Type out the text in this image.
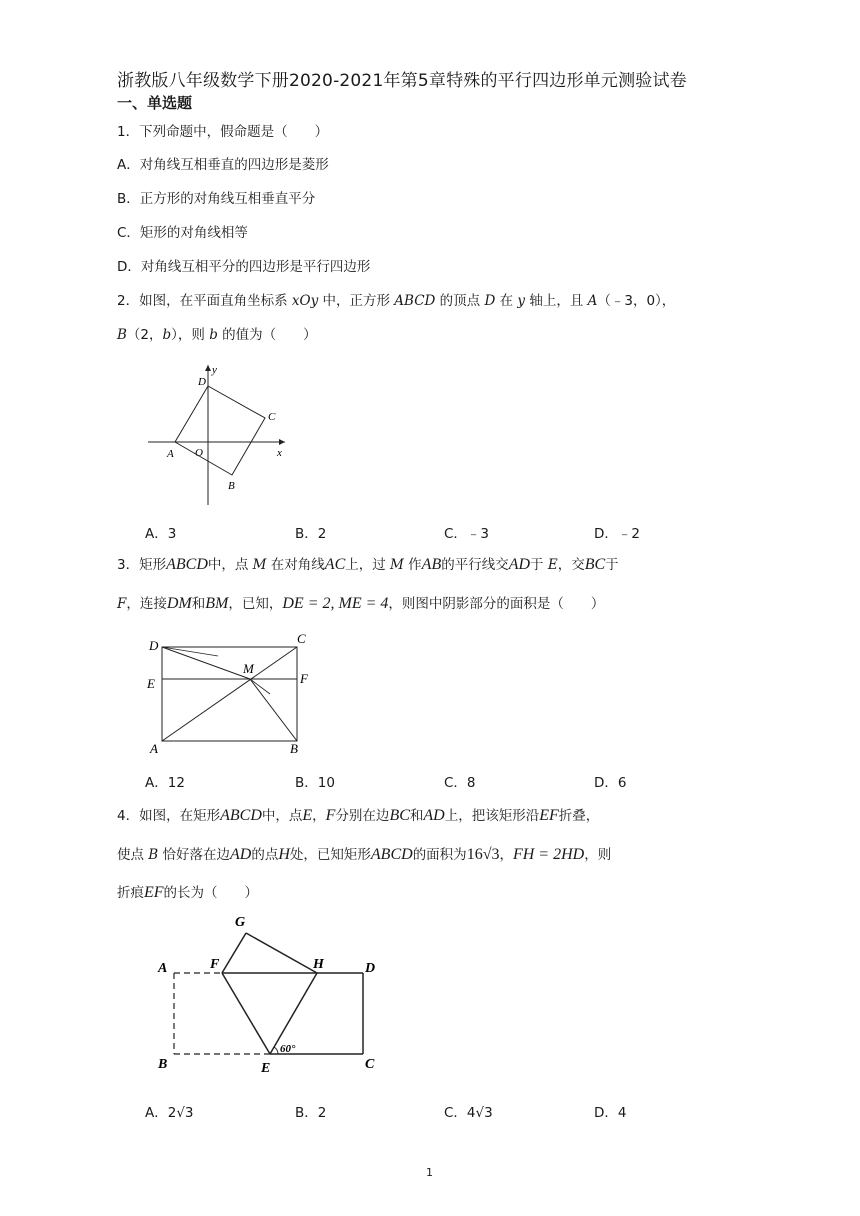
浙教版八年级数学下册2020-2021年第5章特殊的平行四边形单元测验试卷
一、单选题
1．下列命题中，假命题是（　　）
A．对角线互相垂直的四边形是菱形
B．正方形的对角线互相垂直平分
C．矩形的对角线相等
D．对角线互相平分的四边形是平行四边形
2．如图，在平面直角坐标系 xOy 中，正方形 ABCD 的顶点 D 在 y 轴上，且 A（﹣3，0），
B（2，b），则 b 的值为（　　）
D
y
C
A O	x
B
A．3	B．2	C．﹣3	D．﹣2
3．矩形ABCD中，点 M 在对角线AC上，过 M 作AB的平行线交AD于 E，交BC于
F，连接DM和BM，已知，DE = 2, ME = 4，则图中阴影部分的面积是（　　）
D	C
M
E	F
A	B
A．12	B．10	C．8	D．6
4．如图，在矩形ABCD中，点E，F分别在边BC和AD上，把该矩形沿EF折叠，
使点 B 恰好落在边AD的点H处，已知矩形ABCD的面积为16√3，FH = 2HD，则
折痕EF的长为（　　）
G
A	F	H	D
B	E	C
60°
A．2√3	B．2	C．4√3	D．4
1
